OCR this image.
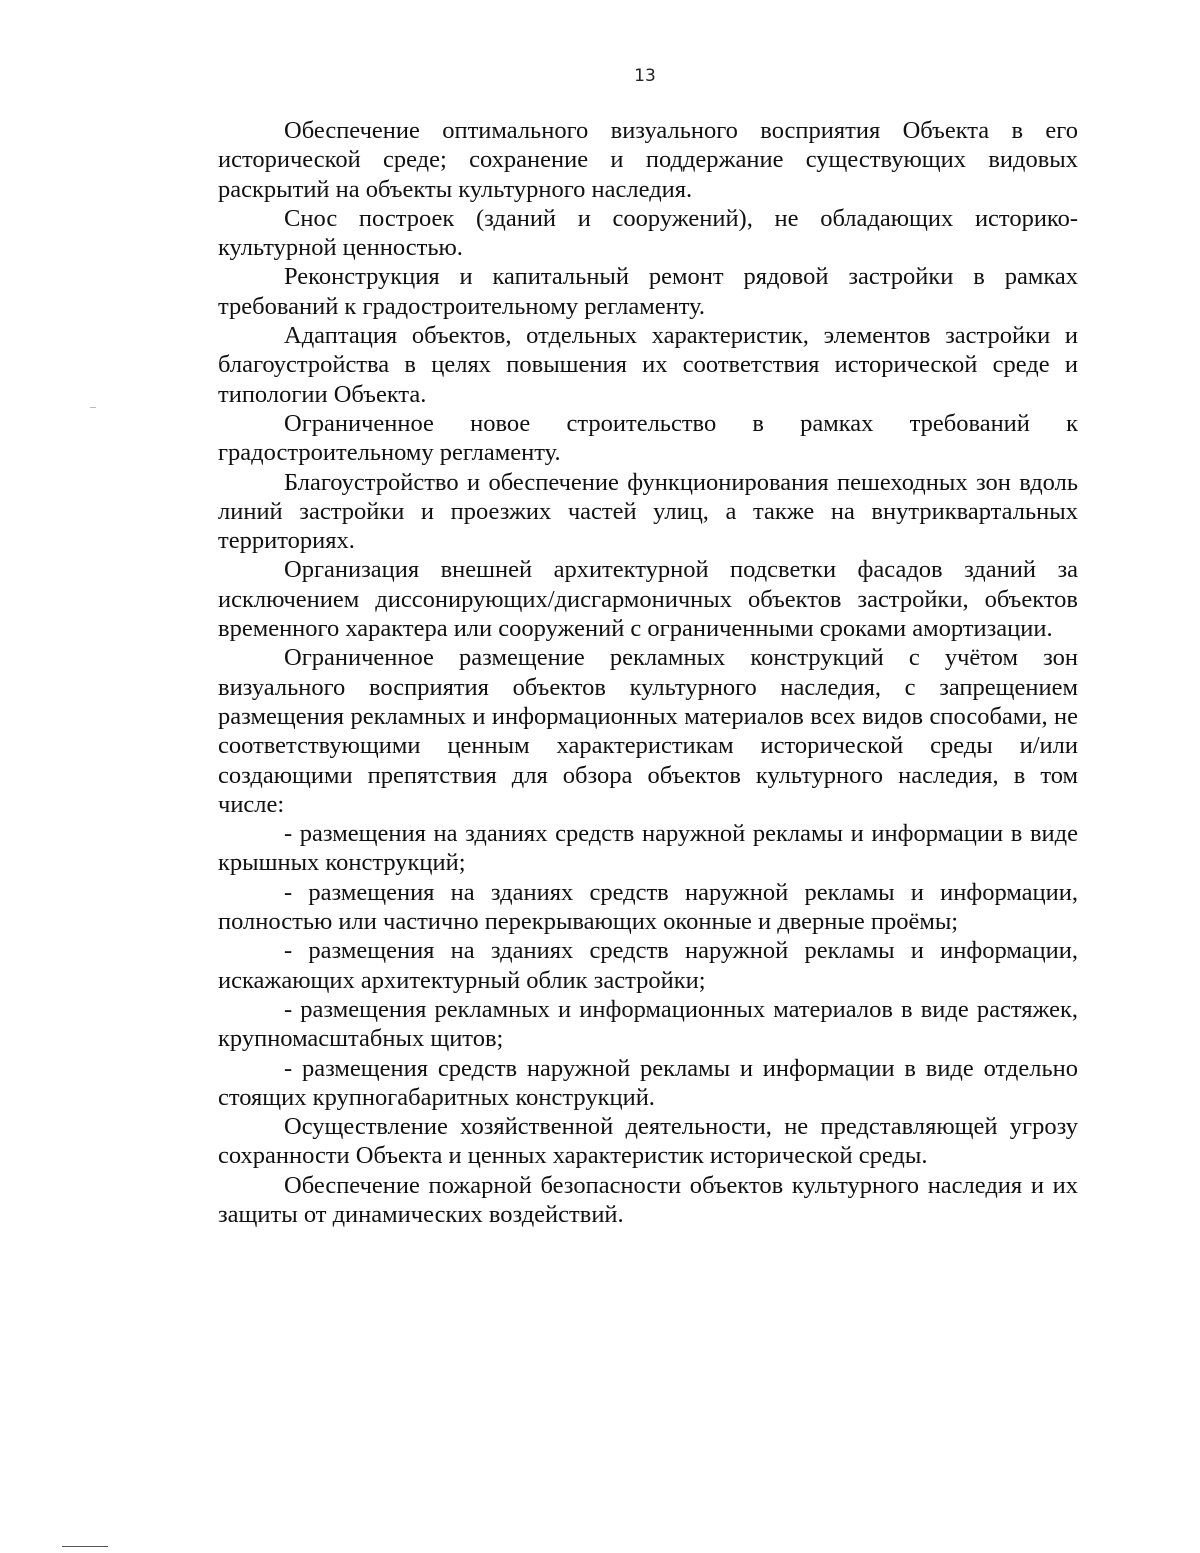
13

Обеспечение оптимального визуального восприятия Объекта в его исторической среде; сохранение и поддержание существующих видовых раскрытий на объекты культурного наследия.

Снос построек (зданий и сооружений), не обладающих историко-культурной ценностью.

Реконструкция и капитальный ремонт рядовой застройки в рамках требований к градостроительному регламенту.

Адаптация объектов, отдельных характеристик, элементов застройки и благоустройства в целях повышения их соответствия исторической среде и типологии Объекта.

Ограниченное новое строительство в рамках требований к градостроительному регламенту.

Благоустройство и обеспечение функционирования пешеходных зон вдоль линий застройки и проезжих частей улиц, а также на внутриквартальных территориях.

Организация внешней архитектурной подсветки фасадов зданий за исключением диссонирующих/дисгармоничных объектов застройки, объектов временного характера или сооружений с ограниченными сроками амортизации.

Ограниченное размещение рекламных конструкций с учётом зон визуального восприятия объектов культурного наследия, с запрещением размещения рекламных и информационных материалов всех видов способами, не соответствующими ценным характеристикам исторической среды и/или создающими препятствия для обзора объектов культурного наследия, в том числе:

- размещения на зданиях средств наружной рекламы и информации в виде крышных конструкций;

- размещения на зданиях средств наружной рекламы и информации, полностью или частично перекрывающих оконные и дверные проёмы;

- размещения на зданиях средств наружной рекламы и информации, искажающих архитектурный облик застройки;

- размещения рекламных и информационных материалов в виде растяжек, крупномасштабных щитов;

- размещения средств наружной рекламы и информации в виде отдельно стоящих крупногабаритных конструкций.

Осуществление хозяйственной деятельности, не представляющей угрозу сохранности Объекта и ценных характеристик исторической среды.

Обеспечение пожарной безопасности объектов культурного наследия и их защиты от динамических воздействий.
